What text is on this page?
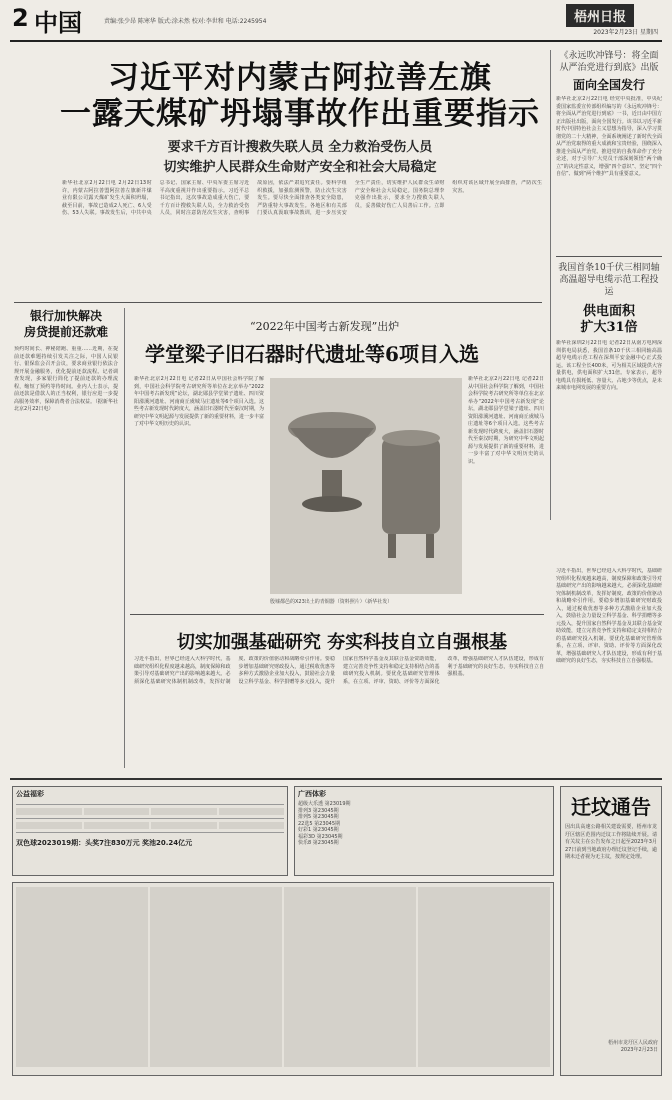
2 中国	责编:张少昂 陈寒华 版式:涂未然 校对:李世和 电话:2245954	梧州日报
2023年2月23日 星期四
习近平对内蒙古阿拉善左旗
一露天煤矿坍塌事故作出重要指示
要求千方百计搜救失联人员 全力救治受伤人员
切实维护人民群众生命财产安全和社会大局稳定
新华社北京2月22日电 2月22日13时许，内蒙古阿拉善盟阿拉善左旗新井煤业有限公司露天煤矿发生大面积坍塌，截至目前，事故已造成2人死亡、6人受伤、53人失联。事故发生后，中共中央总书记、国家主席、中央军委主席习近平高度重视并作出重要指示。习近平总书记指出，这次事故造成重大伤亡，要千方百计搜救失联人员，全力救治受伤人员，同时注意防范次生灾害，查明事故原因，依法严肃追究责任。要科学组织救援，加强监测预警，防止次生灾害发生。要尽快全面排查各类安全隐患，严防重特大事故发生。各地区和有关部门要认真汲取事故教训，进一步压实安全生产责任，切实维护人民群众生命财产安全和社会大局稳定。国务院总理李克强作出批示，要求全力搜救失联人员，妥善做好伤亡人员善后工作。立即组织对该区域开展全面排查，严防次生灾害。
《永远吹冲锋号：将全面从严治党进行到底》出版
面向全国发行
新华社北京2月22日电 经党中央批准，中央纪委国家监委宣传部组织编写的《永远吹冲锋号：将全面从严治党进行到底》一书，近日由中国方正出版社出版，面向全国发行。该书以习近平新时代中国特色社会主义思想为指导，深入学习贯彻党的二十大精神，全面系统阐述了新时代全面从严治党取得的重大成就和宝贵经验，围绕深入推进全面从严治党、推进党的自我革命作了充分论述，对于引导广大党员干部深刻领悟“两个确立”的决定性意义，增强“四个意识”、坚定“四个自信”、做到“两个维护”具有重要意义。
我国首条10千伏三相同轴高温超导电缆示范工程投运
供电面积
扩大31倍
新华社深圳2月22日电 记者22日从南方电网深圳供电局获悉，我国首条10千伏三相同轴高温超导电缆示范工程在深圳平安金融中心正式投运。该工程全长400米，可为相关区域提供大容量供电，供电面积扩大31倍。专家表示，超导电缆具有损耗低、容量大、占地少等优点，是未来城市电网发展的重要方向。
银行加快解决
房贷提前还款难
预约时间长、神秘陪跑、重重……近期，在提前还款难题持续引发关注之际，中国人民银行、银保监会召开会议，要求商业银行依法合规开展金融服务，优化提前还款流程。记者调查发现，多家银行简化了提前还款的办理流程，缩短了预约等待时间。业内人士表示，提前还款是借款人的正当权利，银行应进一步提高服务效率，保障消费者合法权益。（据新华社北京2月22日电）
“2022年中国考古新发现”出炉
学堂梁子旧石器时代遗址等6项目入选
新华社北京2月22日电 记者22日从中国社会科学院了解到，中国社会科学院考古研究所等单位在北京举办“2022年中国考古新发现”论坛，湖北郧县学堂梁子遗址、四川资阳濛溪河遗址、河南商丘虞城马庄遗址等6个项目入选。这些考古新发现时代跨度大，涵盖旧石器时代至秦汉时期，为研究中华文明起源与发展提供了新的重要材料，进一步丰富了对中华文明历史的认识。
殷墟都邑的X23出土的青铜器（资料照片）（新华社发）
新华社北京2月22日电 记者22日从中国社会科学院了解到，中国社会科学院考古研究所等单位在北京举办“2022年中国考古新发现”论坛，湖北郧县学堂梁子遗址、四川资阳濛溪河遗址、河南商丘虞城马庄遗址等6个项目入选。这些考古新发现时代跨度大，涵盖旧石器时代至秦汉时期，为研究中华文明起源与发展提供了新的重要材料，进一步丰富了对中华文明历史的认识。
切实加强基础研究 夯实科技自立自强根基
习近平指出，世界已经进入大科学时代，基础研究组织化程度越来越高，制度保障和政策引导对基础研究产出的影响越来越大。必须深化基础研究体制机制改革，发挥好制度、政策的价值驱动和战略牵引作用。要稳步增加基础研究财政投入，通过税收优惠等多种方式激励企业加大投入，鼓励社会力量设立科学基金、科学捐赠等多元投入，提升国家自然科学基金及其联合基金资助效能，建立完善竞争性支持和稳定支持相结合的基础研究投入机制。要优化基础研究管理体系，在立项、评审、资助、评价等方面深化改革，增强基础研究人才队伍建设，形成有利于基础研究的良好生态，夯实科技自立自强根基。
习近平指出，世界已经进入大科学时代，基础研究组织化程度越来越高，制度保障和政策引导对基础研究产出的影响越来越大。必须深化基础研究体制机制改革，发挥好制度、政策的价值驱动和战略牵引作用。要稳步增加基础研究财政投入，通过税收优惠等多种方式激励企业加大投入，鼓励社会力量设立科学基金、科学捐赠等多元投入，提升国家自然科学基金及其联合基金资助效能，建立完善竞争性支持和稳定支持相结合的基础研究投入机制。要优化基础研究管理体系，在立项、评审、资助、评价等方面深化改革，增强基础研究人才队伍建设，形成有利于基础研究的良好生态，夯实科技自立自强根基。
公益福彩
双色球2023019期：头奖7注830万元 奖池20.24亿元
广西体彩
超级大乐透 第23019期
排列3 第23045期
排列5 第23045期
22选5 第23045期
好彩1 第23045期
福彩3D 第23045期
快乐8 第23045期
迁坟通告
因出具高速公路相关建设需要，梧州市龙圩区辖区范围内迁坟工作将陆续开展。请有关坟主在公告发布之日起至2023年3月27日前到当地政府办理迁坟登记手续，逾期未迁者视为无主坟，按规定处理。
梧州市龙圩区人民政府
2023年2月23日
